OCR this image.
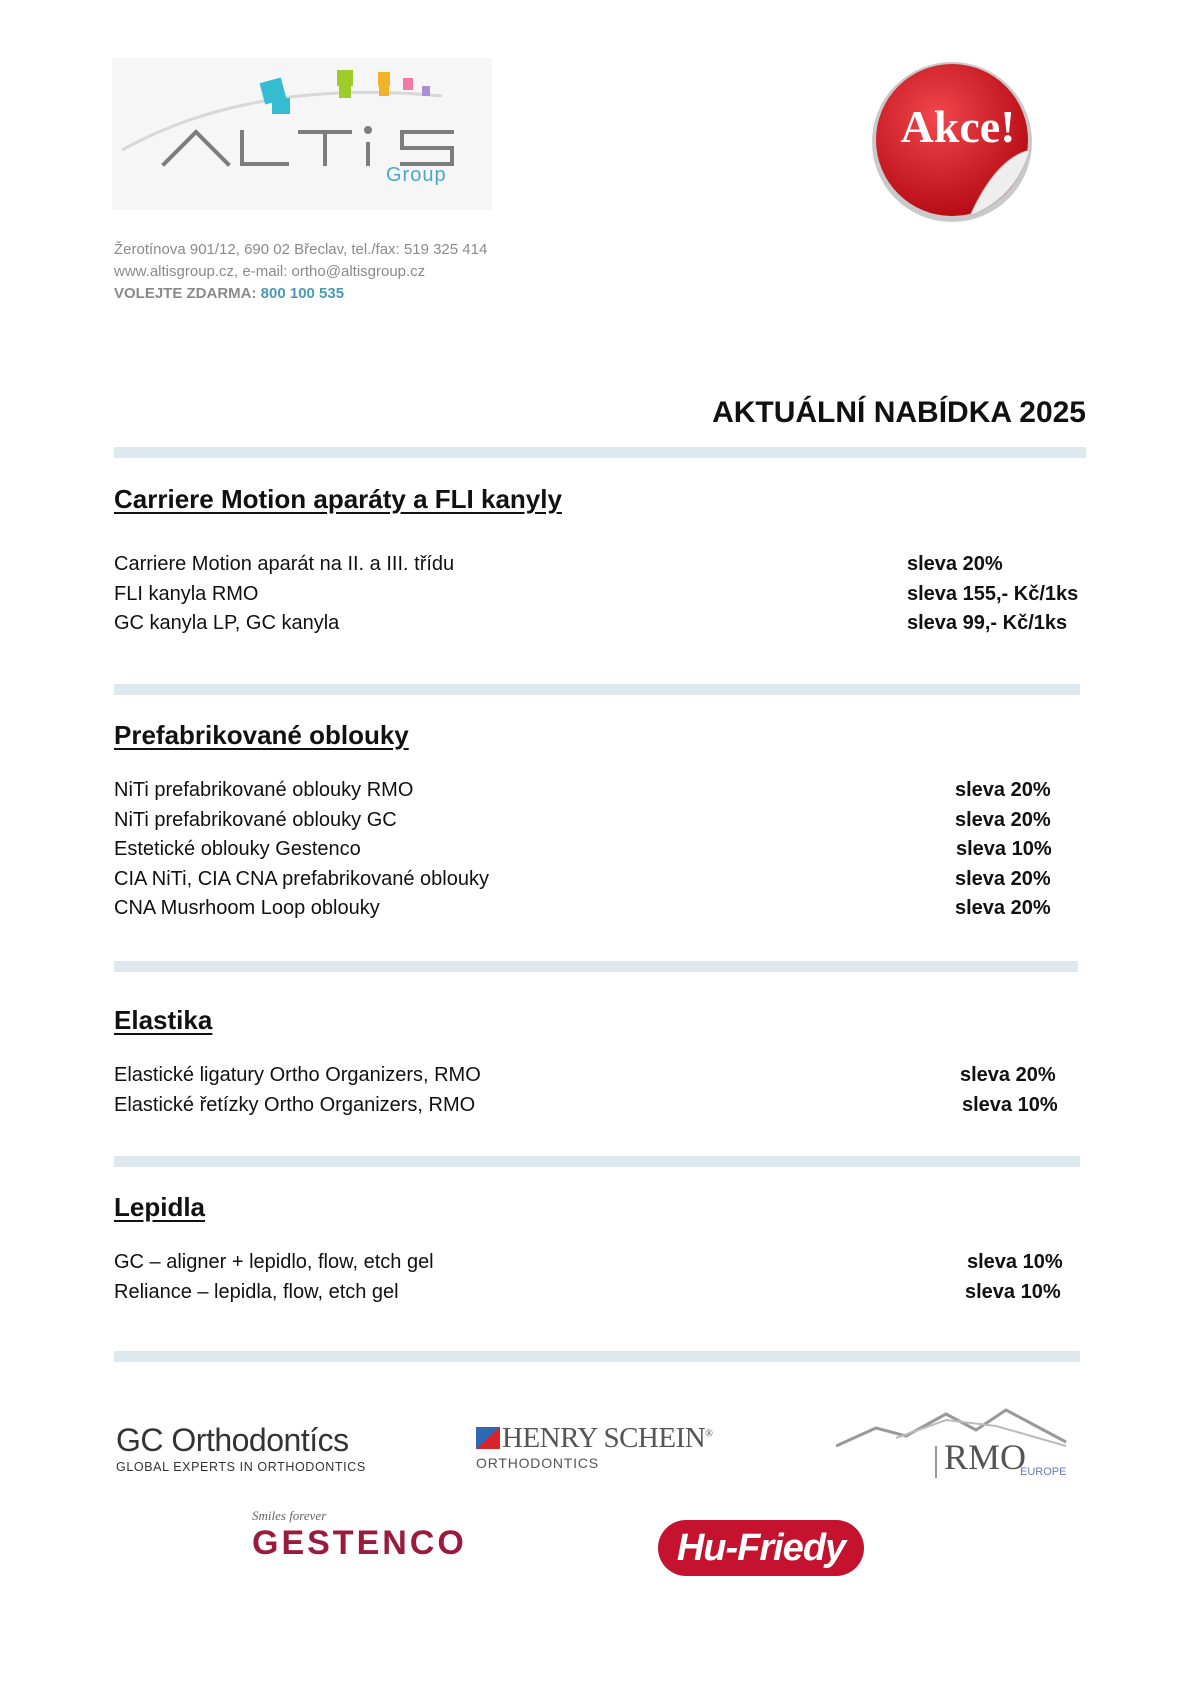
Group
Žerotínova 901/12, 690 02 Břeclav, tel./fax: 519 325 414
www.altisgroup.cz, e-mail: ortho@altisgroup.cz
VOLEJTE ZDARMA: 800 100 535
Akce!
AKTUÁLNÍ NABÍDKA 2025
Carriere Motion aparáty a FLI kanyly
Carriere Motion aparát na II. a III. třídu	sleva 20%
FLI kanyla RMO	sleva 155,- Kč/1ks
GC kanyla LP, GC kanyla	sleva 99,- Kč/1ks
Prefabrikované oblouky
NiTi prefabrikované oblouky RMO	sleva 20%
NiTi prefabrikované oblouky GC	sleva 20%
Estetické oblouky Gestenco	sleva 10%
CIA NiTi, CIA CNA prefabrikované oblouky	sleva 20%
CNA Musrhoom Loop oblouky	sleva 20%
Elastika
Elastické ligatury Ortho Organizers, RMO	sleva 20%
Elastické řetízky Ortho Organizers, RMO	sleva 10%
Lepidla
GC – aligner + lepidlo, flow, etch gel	sleva 10%
Reliance – lepidla, flow, etch gel	sleva 10%
GC Orthodontícs
GLOBAL EXPERTS IN ORTHODONTICS
HENRY SCHEIN®
ORTHODONTICS	RMO
EUROPE
Smiles forever
GESTENCO	Hu-Friedy
